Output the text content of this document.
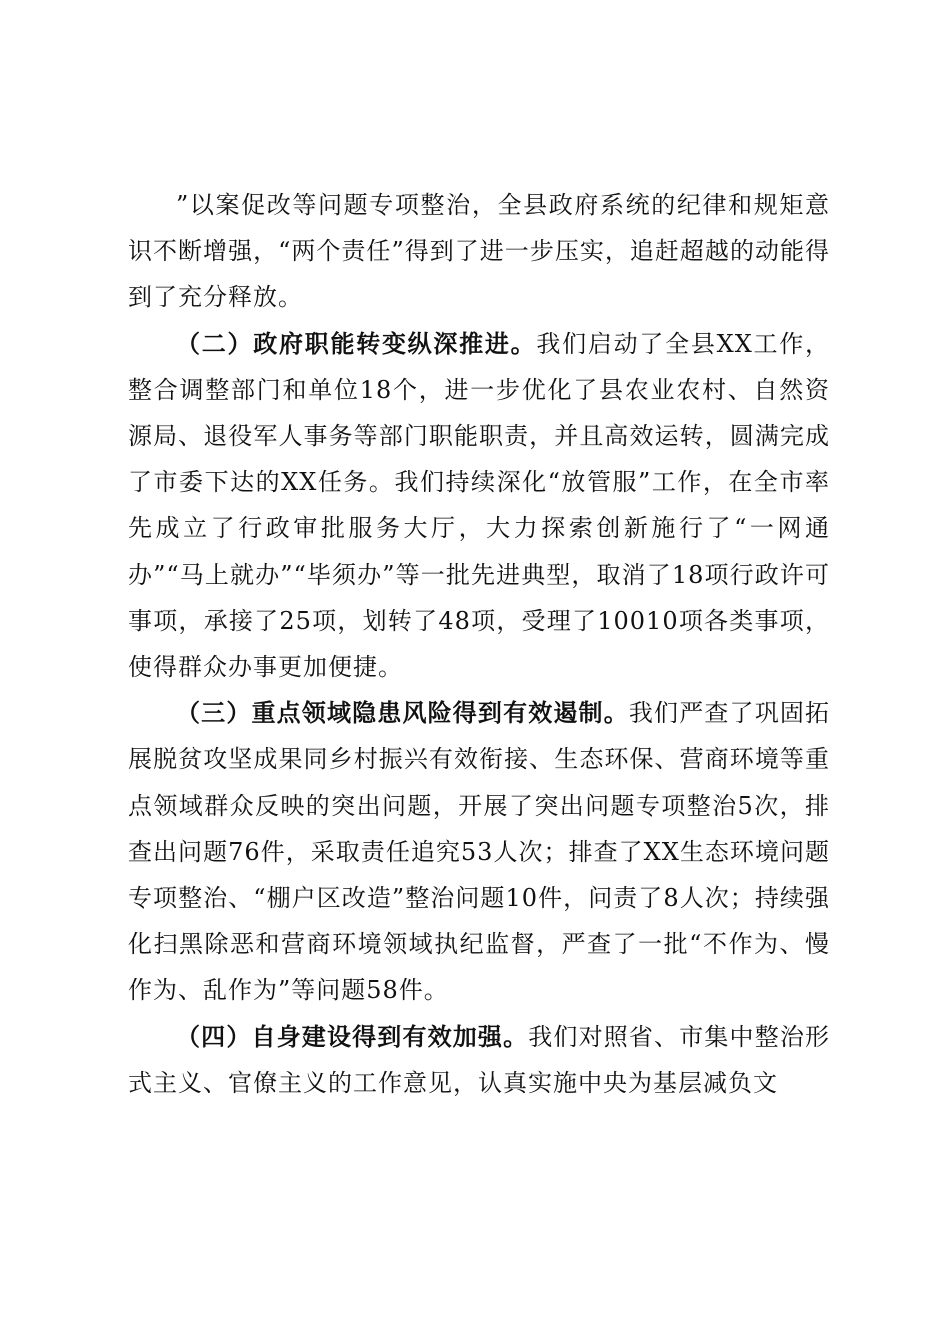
”以案促改等问题专项整治，全县政府系统的纪律和规矩意识不断增强，“两个责任”得到了进一步压实，追赶超越的动能得到了充分释放。

（二）政府职能转变纵深推进。我们启动了全县XX工作，整合调整部门和单位18个，进一步优化了县农业农村、自然资源局、退役军人事务等部门职能职责，并且高效运转，圆满完成了市委下达的XX任务。我们持续深化“放管服”工作，在全市率先成立了行政审批服务大厅，大力探索创新施行了“一网通办”“马上就办”“毕须办”等一批先进典型，取消了18项行政许可事项，承接了25项，划转了48项，受理了10010项各类事项，使得群众办事更加便捷。

（三）重点领域隐患风险得到有效遏制。我们严查了巩固拓展脱贫攻坚成果同乡村振兴有效衔接、生态环保、营商环境等重点领域群众反映的突出问题，开展了突出问题专项整治5次，排查出问题76件，采取责任追究53人次；排查了XX生态环境问题专项整治、“棚户区改造”整治问题10件，问责了8人次；持续强化扫黑除恶和营商环境领域执纪监督，严查了一批“不作为、慢作为、乱作为”等问题58件。

（四）自身建设得到有效加强。我们对照省、市集中整治形式主义、官僚主义的工作意见，认真实施中央为基层减负文
